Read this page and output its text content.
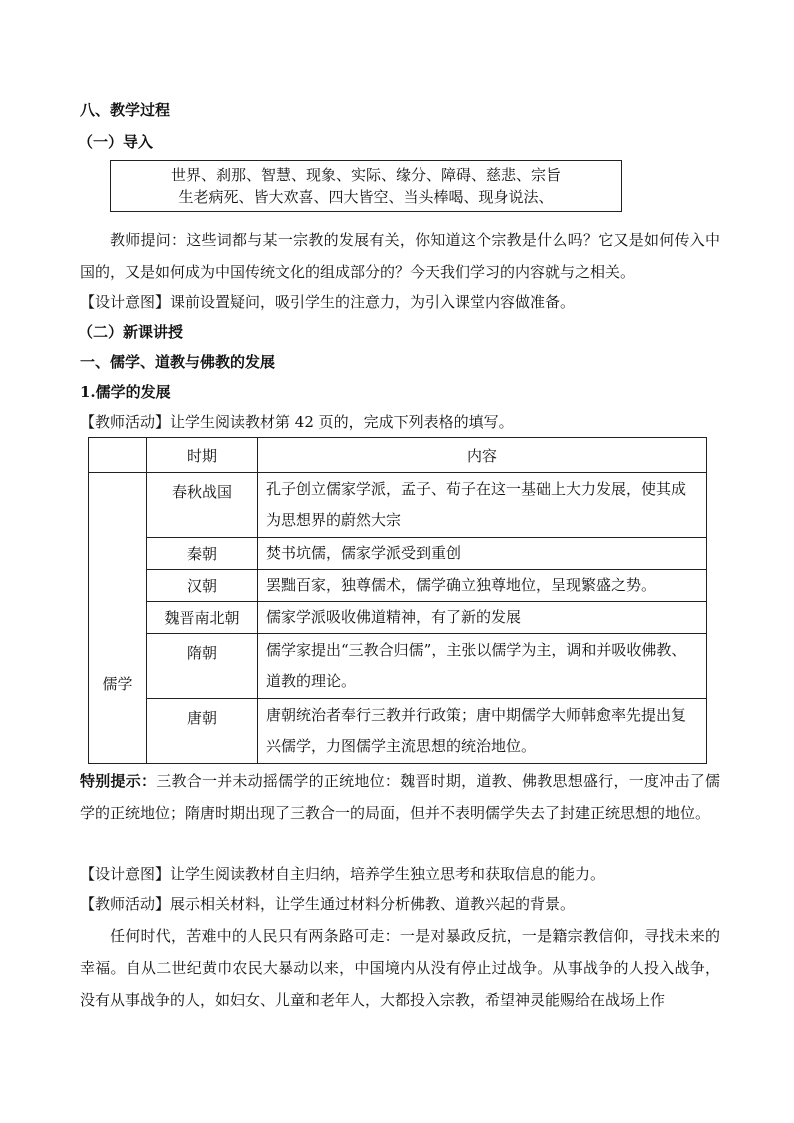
八、教学过程
（一）导入
世界、刹那、智慧、现象、实际、缘分、障碍、慈悲、宗旨
生老病死、皆大欢喜、四大皆空、当头棒喝、现身说法、
教师提问：这些词都与某一宗教的发展有关，你知道这个宗教是什么吗？它又是如何传入中国的，又是如何成为中国传统文化的组成部分的？今天我们学习的内容就与之相关。
【设计意图】课前设置疑问，吸引学生的注意力，为引入课堂内容做准备。
（二）新课讲授
一、儒学、道教与佛教的发展
1.儒学的发展
【教师活动】让学生阅读教材第 42 页的，完成下列表格的填写。
	时期	内容
儒学	春秋战国	孔子创立儒家学派，孟子、荀子在这一基础上大力发展，使其成为思想界的蔚然大宗
	秦朝	焚书坑儒，儒家学派受到重创
	汉朝	罢黜百家，独尊儒术，儒学确立独尊地位，呈现繁盛之势。
	魏晋南北朝	儒家学派吸收佛道精神，有了新的发展
	隋朝	儒学家提出“三教合归儒”，主张以儒学为主，调和并吸收佛教、道教的理论。
	唐朝	唐朝统治者奉行三教并行政策；唐中期儒学大师韩愈率先提出复兴儒学，力图儒学主流思想的统治地位。
特别提示：三教合一并未动摇儒学的正统地位：魏晋时期，道教、佛教思想盛行，一度冲击了儒学的正统地位；隋唐时期出现了三教合一的局面，但并不表明儒学失去了封建正统思想的地位。
【设计意图】让学生阅读教材自主归纳，培养学生独立思考和获取信息的能力。
【教师活动】展示相关材料，让学生通过材料分析佛教、道教兴起的背景。
任何时代，苦难中的人民只有两条路可走：一是对暴政反抗，一是籍宗教信仰，寻找未来的幸福。自从二世纪黄巾农民大暴动以来，中国境内从没有停止过战争。从事战争的人投入战争，没有从事战争的人，如妇女、儿童和老年人，大都投入宗教，希望神灵能赐给在战场上作
